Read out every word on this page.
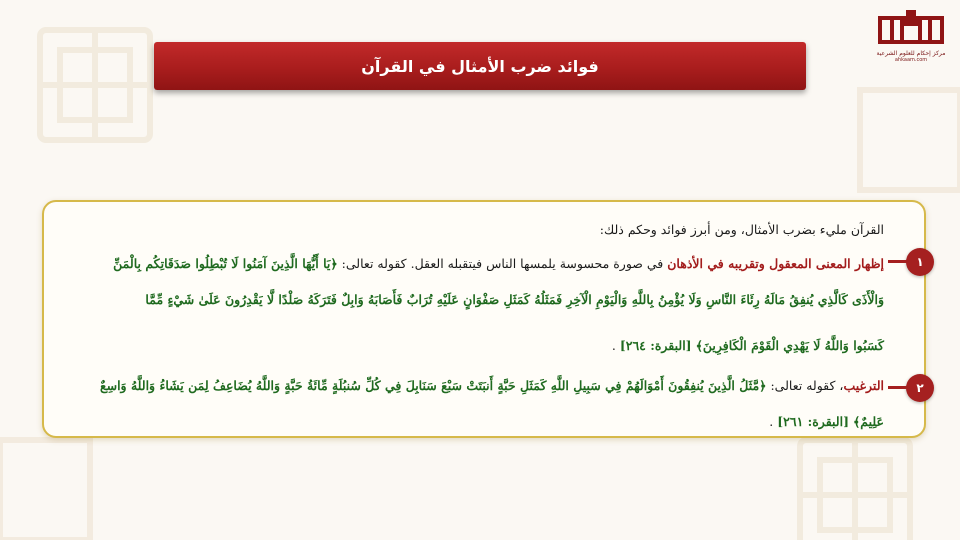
مركز إحكام للعلوم الشرعية
ahkaam.com
فوائد ضرب الأمثال في القرآن
القرآن مليء بضرب الأمثال، ومن أبرز فوائد وحكم ذلك:
١
إظهار المعنى المعقول وتقريبه في الأذهان في صورة محسوسة يلمسها الناس فيتقبله العقل. كقوله تعالى: ﴿يَا أَيُّهَا الَّذِينَ آمَنُوا لَا تُبْطِلُوا صَدَقَاتِكُم بِالْمَنِّ
وَالْأَذَى كَالَّذِي يُنفِقُ مَالَهُ رِئَاءَ النَّاسِ وَلَا يُؤْمِنُ بِاللَّهِ وَالْيَوْمِ الْآخِرِ فَمَثَلُهُ كَمَثَلِ صَفْوَانٍ عَلَيْهِ تُرَابٌ فَأَصَابَهُ وَابِلٌ فَتَرَكَهُ صَلْدًا لَّا يَقْدِرُونَ عَلَىٰ شَيْءٍ مِّمَّا
كَسَبُوا وَاللَّهُ لَا يَهْدِي الْقَوْمَ الْكَافِرِينَ﴾ [البقرة: ٢٦٤] .
٢
الترغيب، كقوله تعالى: ﴿مَّثَلُ الَّذِينَ يُنفِقُونَ أَمْوَالَهُمْ فِي سَبِيلِ اللَّهِ كَمَثَلِ حَبَّةٍ أَنبَتَتْ سَبْعَ سَنَابِلَ فِي كُلِّ سُنبُلَةٍ مِّائَةُ حَبَّةٍ وَاللَّهُ يُضَاعِفُ لِمَن يَشَاءُ وَاللَّهُ وَاسِعٌ
عَلِيمٌ﴾ [البقرة: ٢٦١] .
